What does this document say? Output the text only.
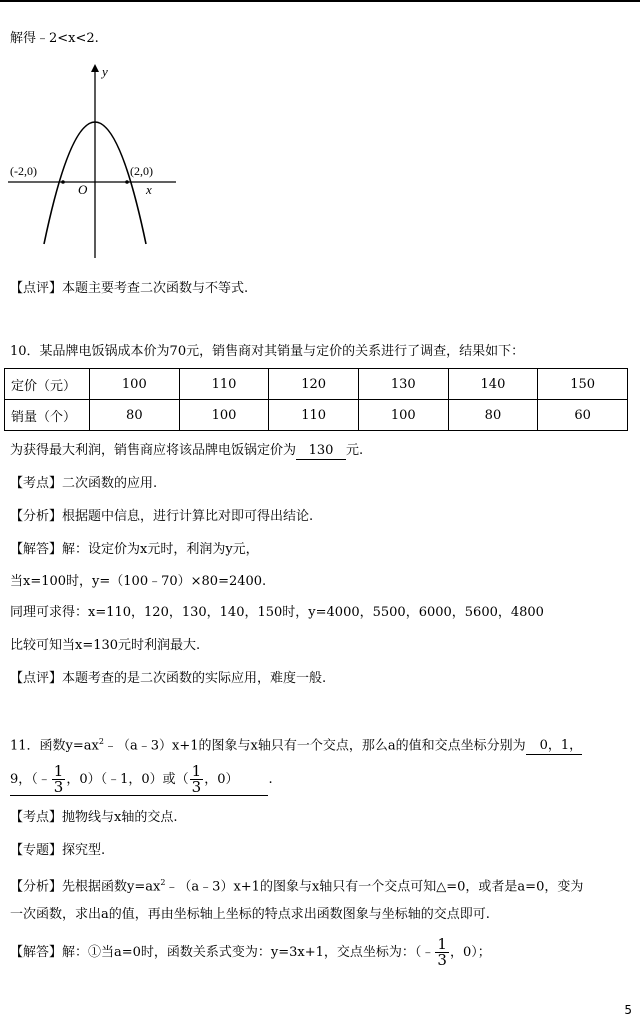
解得﹣2<x<2.
y
x
O
(-2,0)	(2,0)
【点评】本题主要考查二次函数与不等式.
10．某品牌电饭锅成本价为70元，销售商对其销量与定价的关系进行了调查，结果如下：
定价（元）	100	110	120	130	140	150
销量（个）	80	100	110	100	80	60
为获得最大利润，销售商应将该品牌电饭锅定价为 130 元.
【考点】二次函数的应用.
【分析】根据题中信息，进行计算比对即可得出结论.
【解答】解：设定价为x元时，利润为y元，
当x=100时，y=（100﹣70）×80=2400.
同理可求得：x=110，120，130，140，150时，y=4000，5500，6000，5600，4800
比较可知当x=130元时利润最大.
【点评】本题考查的是二次函数的实际应用，难度一般.
11．函数$y=ax^2﹣(a﹣3)x+1$的图象与x轴只有一个交点，那么a的值和交点坐标分别为 0，1，
9，（﹣ $\frac{1}{3}$ ，0）（﹣1，0）或（ $\frac{1}{3}$ ，0） .
【考点】抛物线与x轴的交点.
【专题】探究型.
【分析】先根据函数$y=ax^2﹣(a﹣3)x+1$的图象与x轴只有一个交点可知△=0，或者是a=0，变为
一次函数，求出a的值，再由坐标轴上坐标的特点求出函数图象与坐标轴的交点即可.
【解答】解：①当a=0时，函数关系式变为：y=3x+1，交点坐标为：（﹣ $\frac{1}{3}$ ，0）；
5
